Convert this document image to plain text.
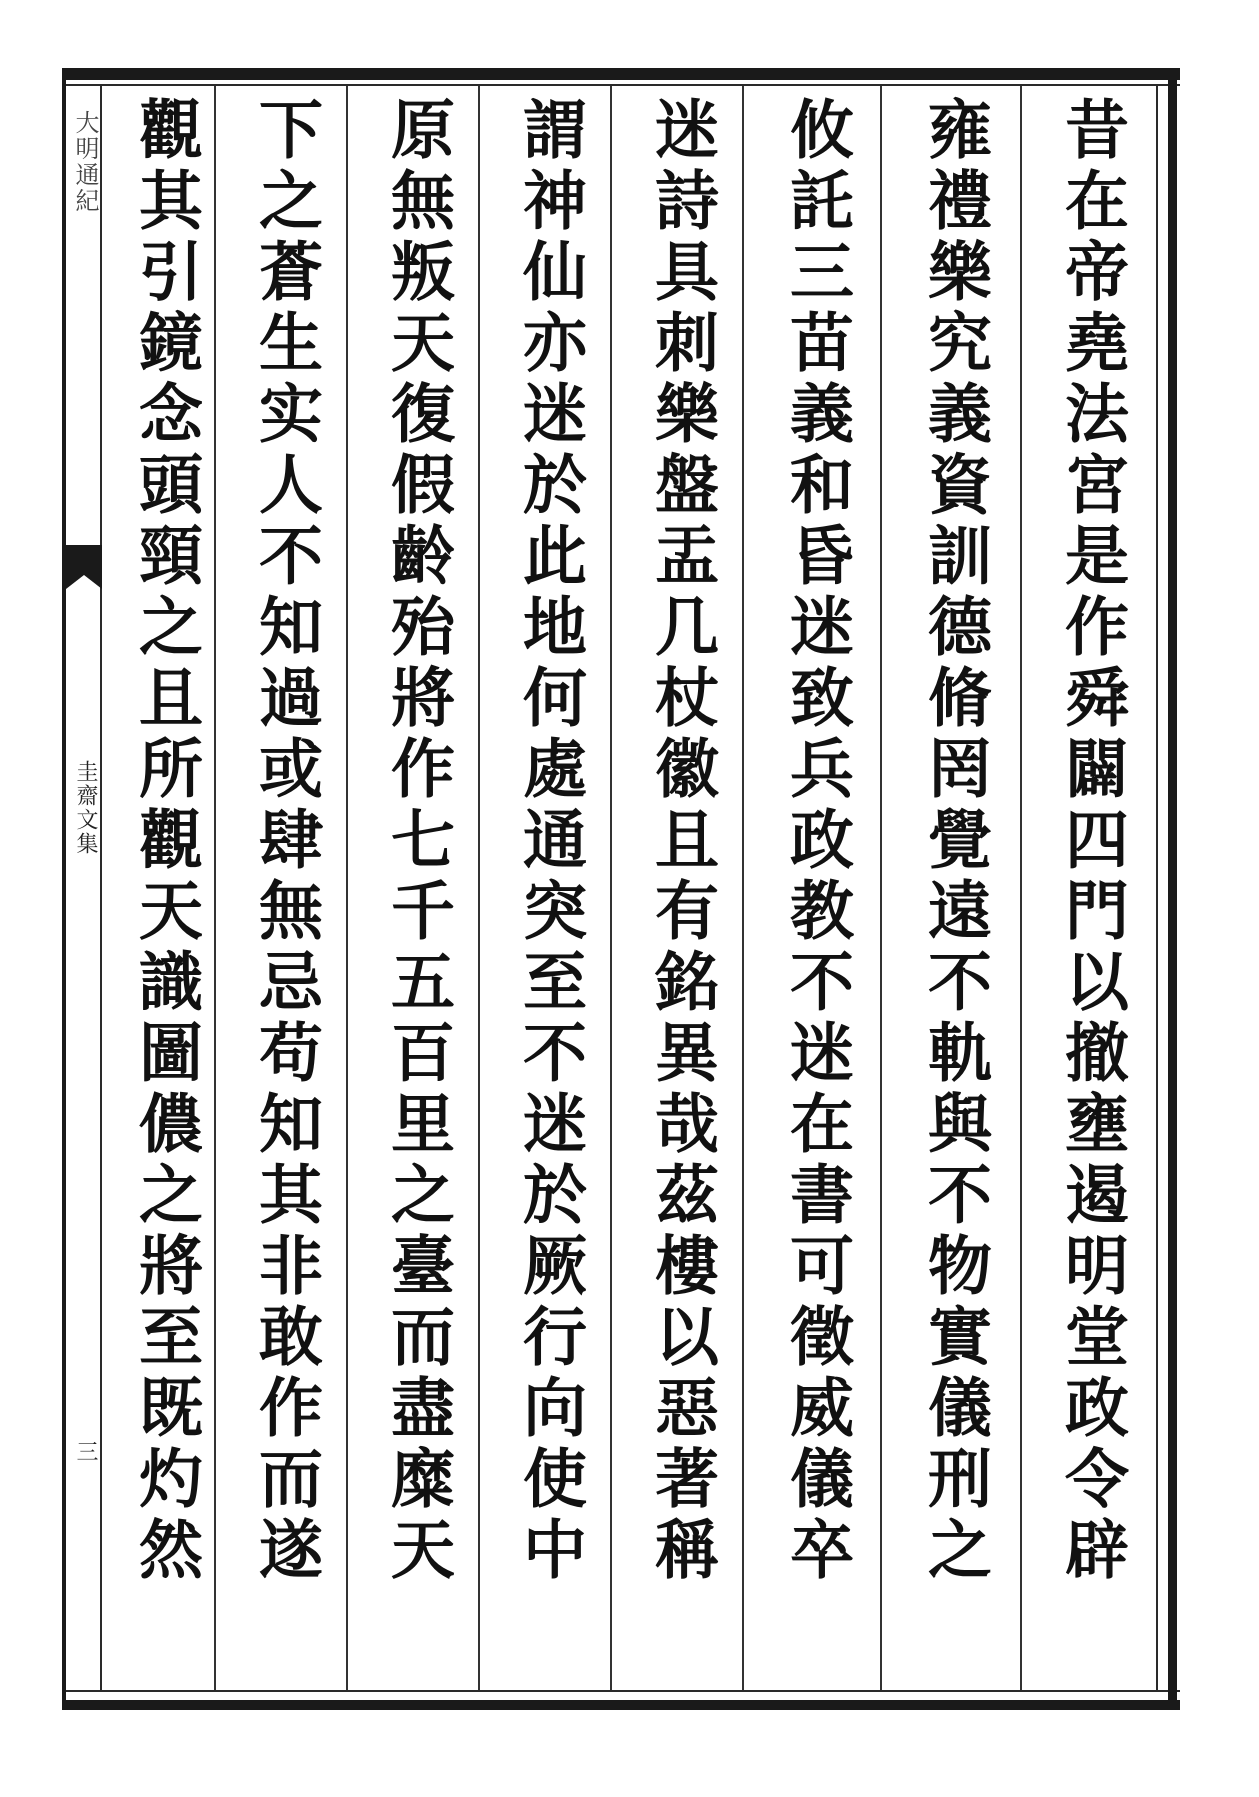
大明通紀
圭齋文集
三	昔在帝堯法宮是作舜闢四門以撤壅遏明堂政令辟
雍禮樂究義資訓德脩罔覺遠不軌與不物實儀刑之
攸託三苗義和昏迷致兵政教不迷在書可徵威儀卒
迷詩具刺樂盤盂几杖徽且有銘異哉茲樓以惡著稱
謂神仙亦迷於此地何處通突至不迷於厥行向使中
原無叛天復假齡殆將作七千五百里之臺而盡糜天
下之蒼生实人不知過或肆無忌苟知其非敢作而遂
觀其引鏡念頭頸之且所觀天識圖儂之將至既灼然
